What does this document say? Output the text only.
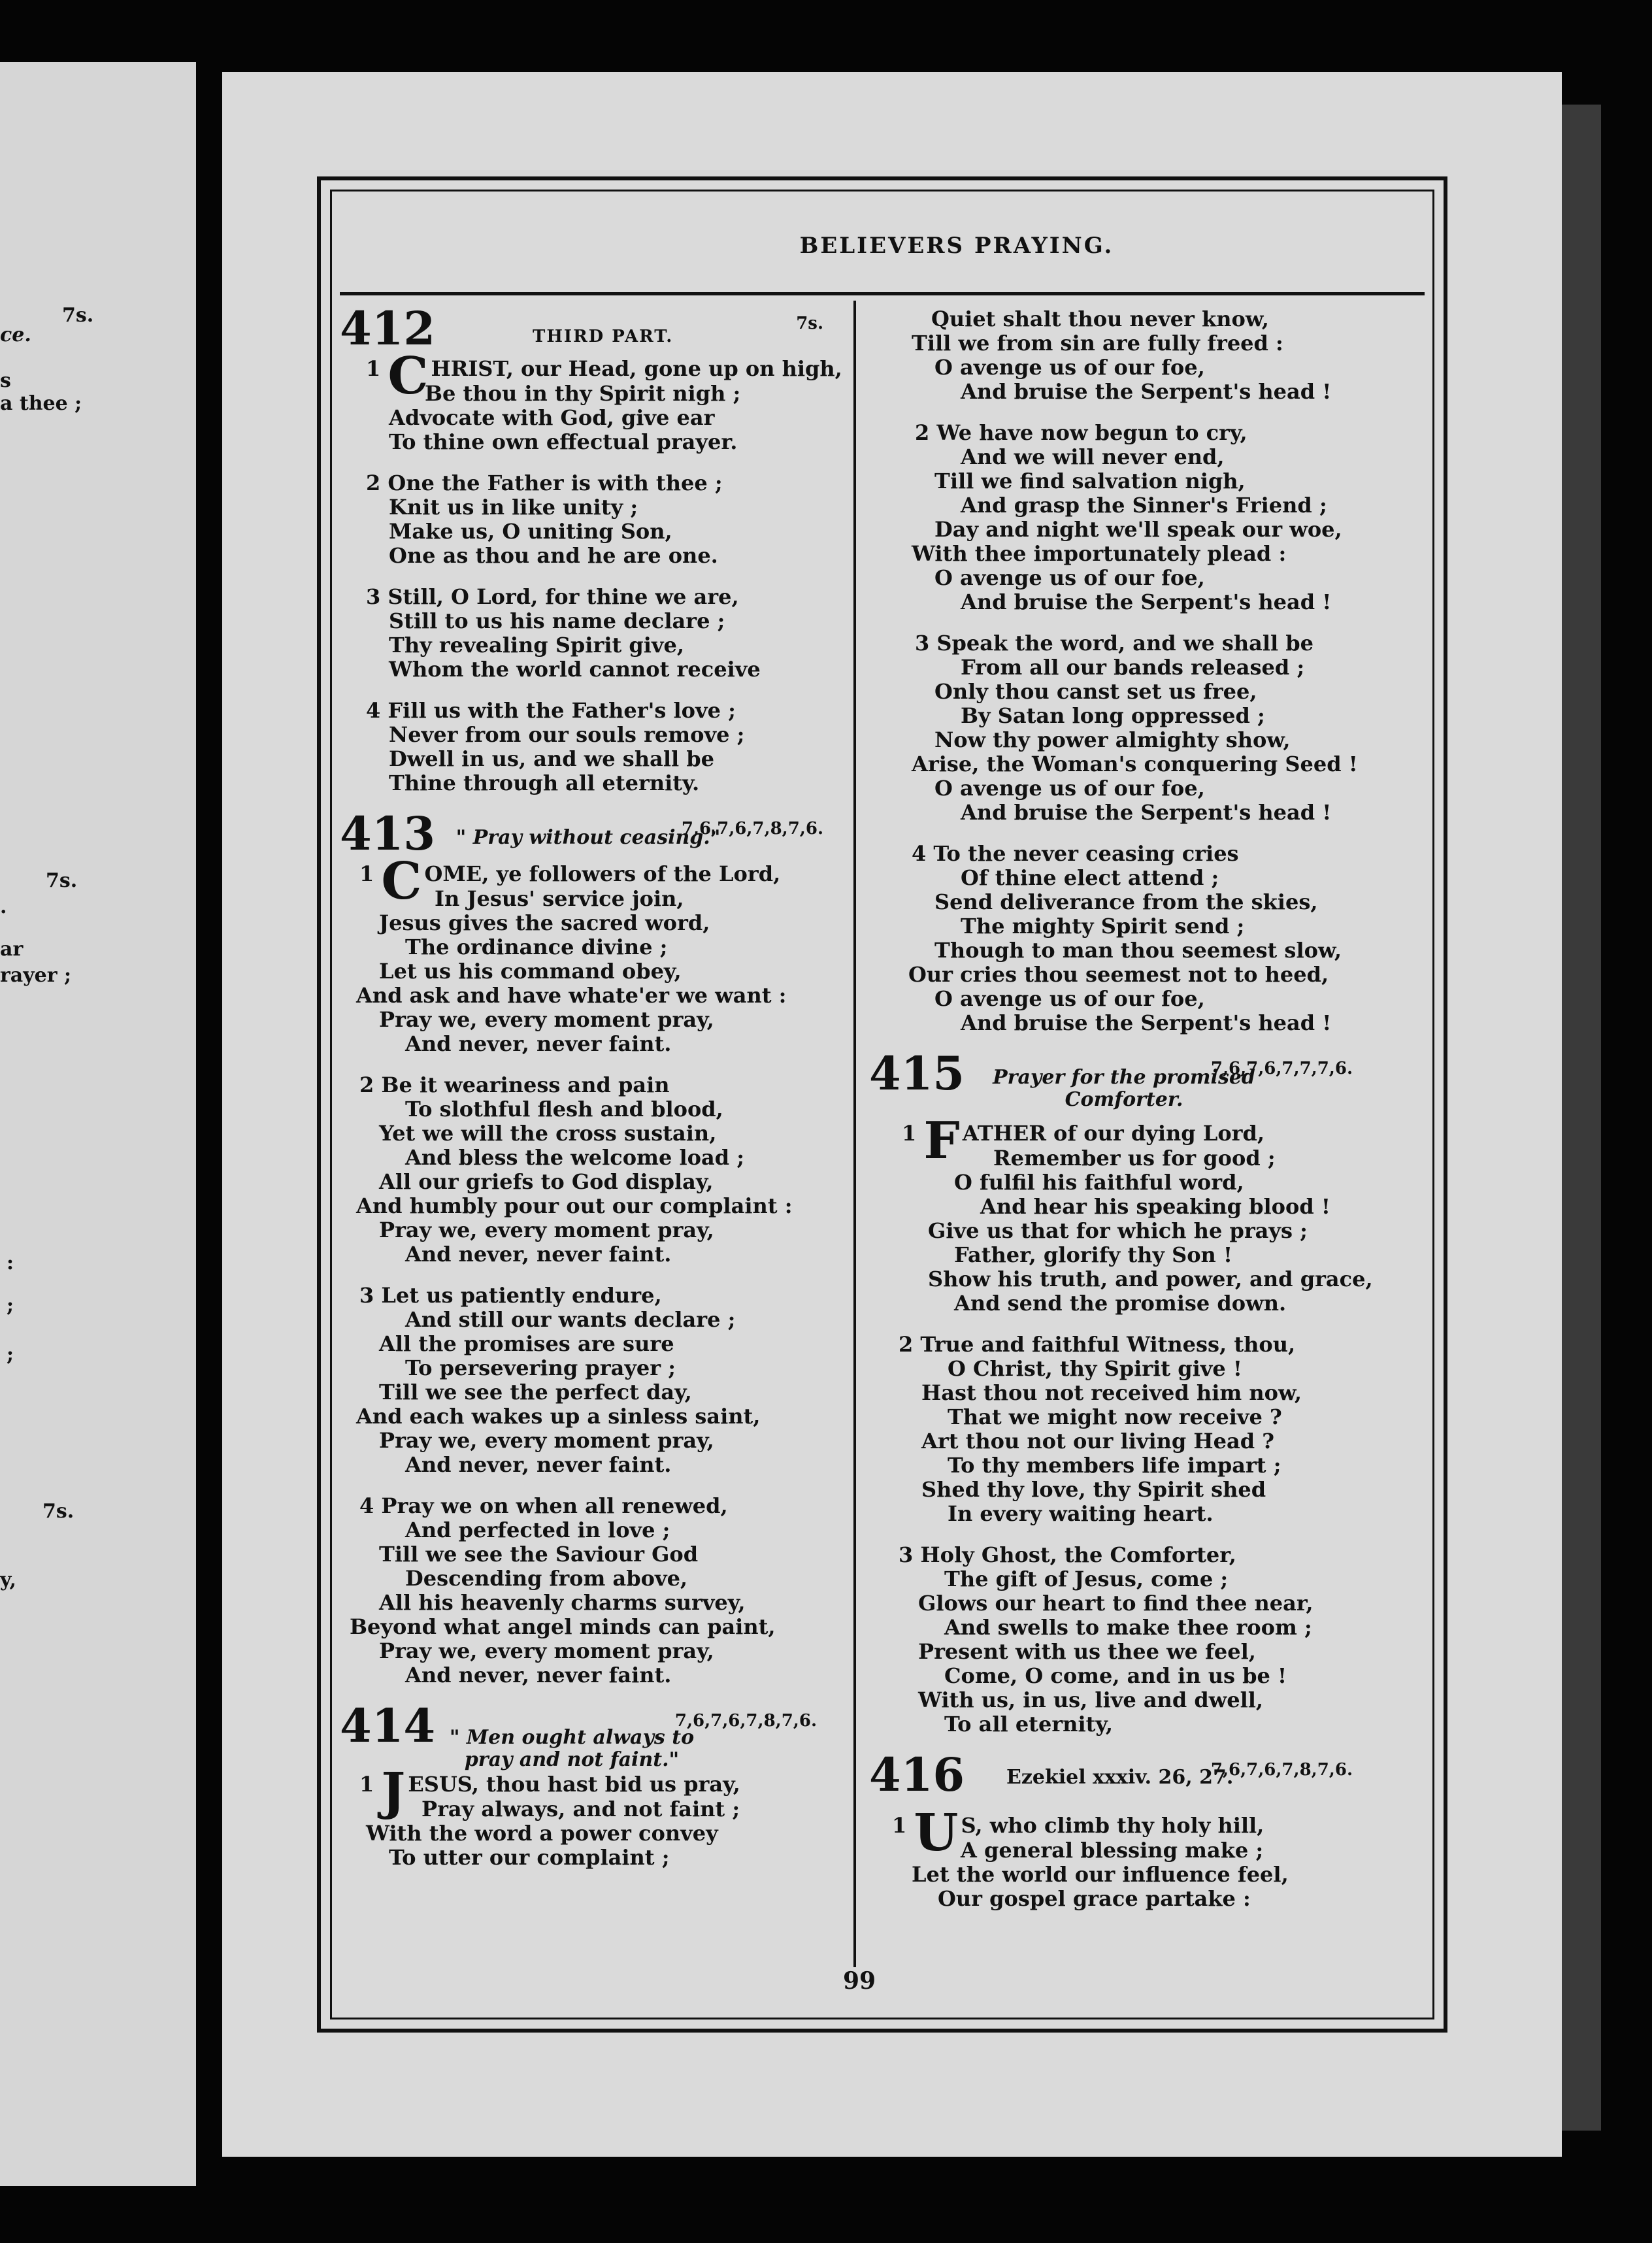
7s.
ce.
s
a thee ;
7s.
.
ar
rayer ;
:
;
;
7s.
y,
BELIEVERS PRAYING.
412	THIRD PART.
7s.
1 C HRIST, our Head, gone up on high,
Be thou in thy Spirit nigh ;
Advocate with God, give ear
To thine own effectual prayer.
2 One the Father is with thee ;
Knit us in like unity ;
Make us, O uniting Son,
One as thou and he are one.
3 Still, O Lord, for thine we are,
Still to us his name declare ;
Thy revealing Spirit give,
Whom the world cannot receive
4 Fill us with the Father's love ;
Never from our souls remove ;
Dwell in us, and we shall be
Thine through all eternity.
413 " Pray without ceasing."
7,6,7,6,7,8,7,6.
1 C OME, ye followers of the Lord,
In Jesus' service join,
Jesus gives the sacred word,
The ordinance divine ;
Let us his command obey,
And ask and have whate'er we want :
Pray we, every moment pray,
And never, never faint.
2 Be it weariness and pain
To slothful flesh and blood,
Yet we will the cross sustain,
And bless the welcome load ;
All our griefs to God display,
And humbly pour out our complaint :
Pray we, every moment pray,
And never, never faint.
3 Let us patiently endure,
And still our wants declare ;
All the promises are sure
To persevering prayer ;
Till we see the perfect day,
And each wakes up a sinless saint,
Pray we, every moment pray,
And never, never faint.
4 Pray we on when all renewed,
And perfected in love ;
Till we see the Saviour God
Descending from above,
All his heavenly charms survey,
Beyond what angel minds can paint,
Pray we, every moment pray,
And never, never faint.
414 " Men ought always to pray and not faint."
7,6,7,6,7,8,7,6.
1 J ESUS, thou hast bid us pray,
Pray always, and not faint ;
With the word a power convey
To utter our complaint ;
Quiet shalt thou never know,
Till we from sin are fully freed :
O avenge us of our foe,
And bruise the Serpent's head !
2 We have now begun to cry,
And we will never end,
Till we find salvation nigh,
And grasp the Sinner's Friend ;
Day and night we'll speak our woe,
With thee importunately plead :
O avenge us of our foe,
And bruise the Serpent's head !
3 Speak the word, and we shall be
From all our bands released ;
Only thou canst set us free,
By Satan long oppressed ;
Now thy power almighty show,
Arise, the Woman's conquering Seed !
O avenge us of our foe,
And bruise the Serpent's head !
4 To the never ceasing cries
Of thine elect attend ;
Send deliverance from the skies,
The mighty Spirit send ;
Though to man thou seemest slow,
Our cries thou seemest not to heed,
O avenge us of our foe,
And bruise the Serpent's head !
415	Prayer for the promised Comforter.
7,6,7,6,7,7,7,6.
1 F ATHER of our dying Lord,
Remember us for good ;
O fulfil his faithful word,
And hear his speaking blood !
Give us that for which he prays ;
Father, glorify thy Son !
Show his truth, and power, and grace,
And send the promise down.
2 True and faithful Witness, thou,
O Christ, thy Spirit give !
Hast thou not received him now,
That we might now receive ?
Art thou not our living Head ?
To thy members life impart ;
Shed thy love, thy Spirit shed
In every waiting heart.
3 Holy Ghost, the Comforter,
The gift of Jesus, come ;
Glows our heart to find thee near,
And swells to make thee room ;
Present with us thee we feel,
Come, O come, and in us be !
With us, in us, live and dwell,
To all eternity,
416 Ezekiel xxxiv. 26, 27.
7,6,7,6,7,8,7,6.
1 U S, who climb thy holy hill,
A general blessing make ;
Let the world our influence feel,
Our gospel grace partake :
99
